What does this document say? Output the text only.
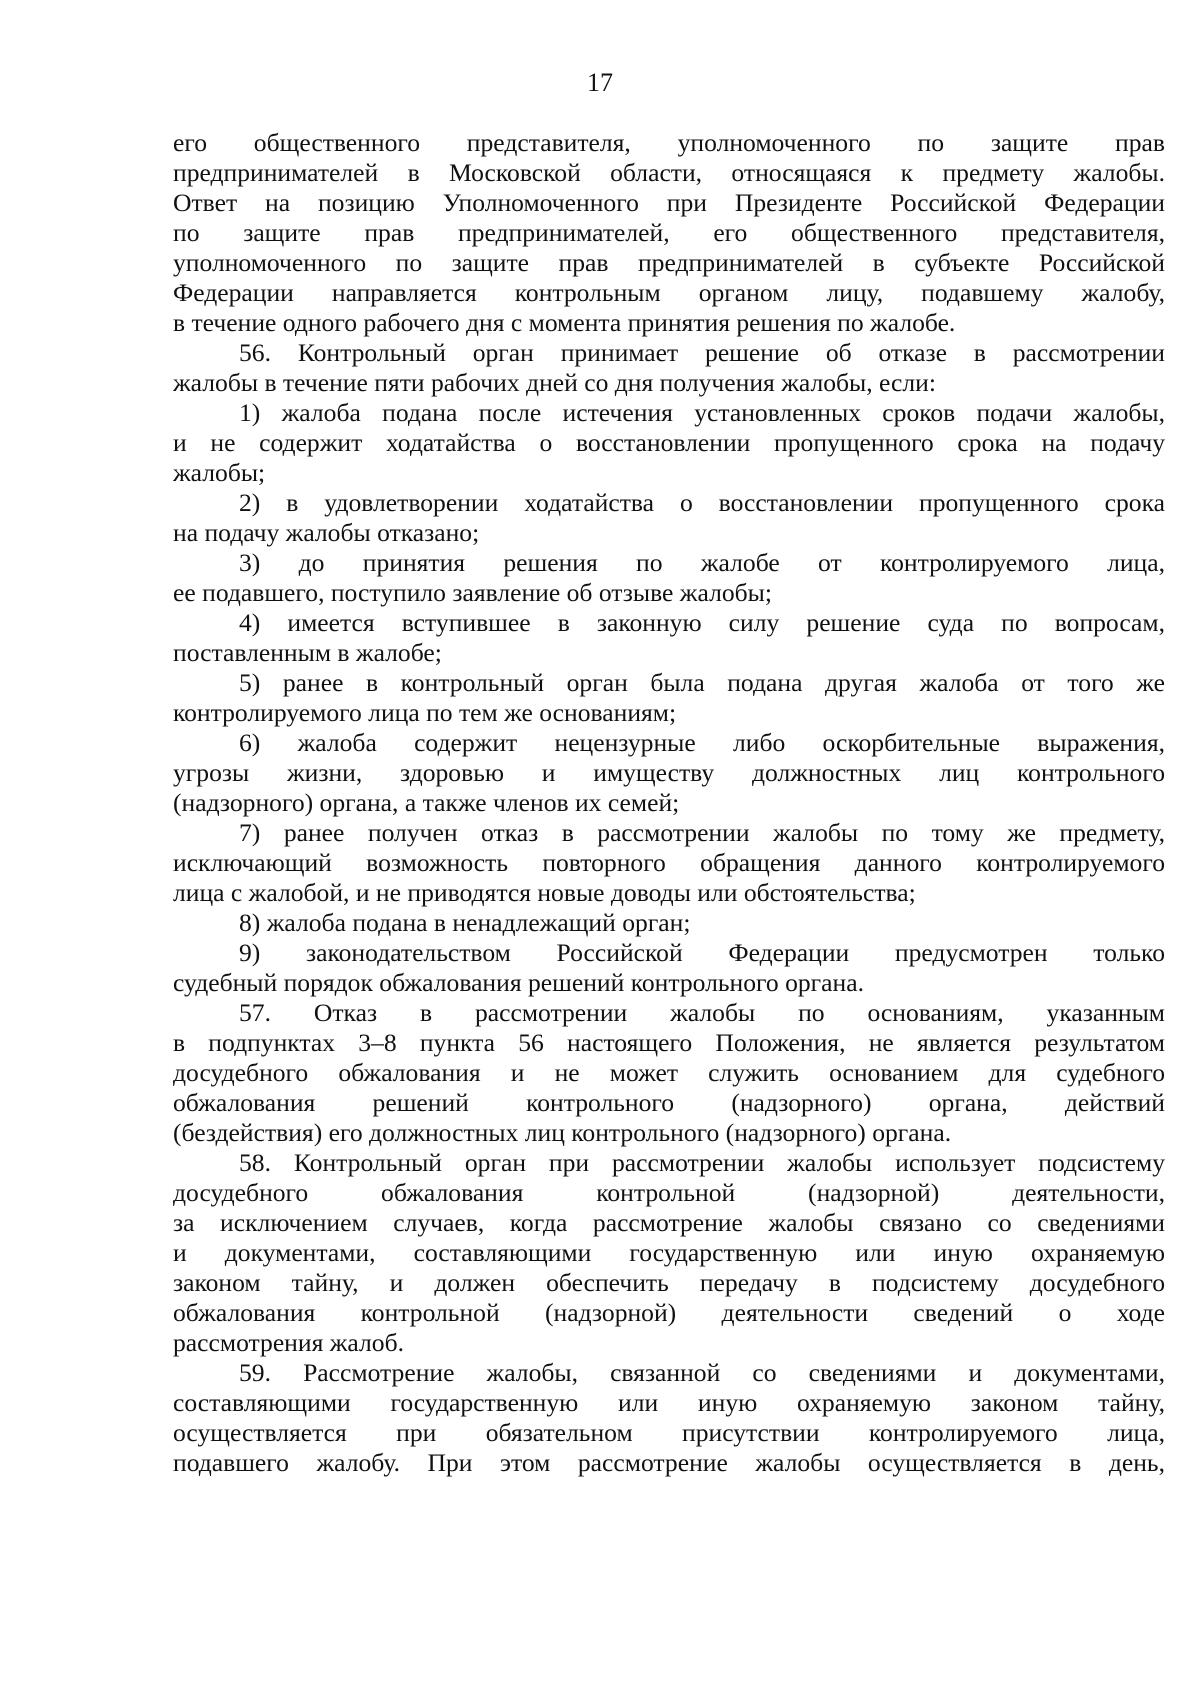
17
его общественного представителя, уполномоченного по защите прав
предпринимателей в Московской области, относящаяся к предмету жалобы.
Ответ на позицию Уполномоченного при Президенте Российской Федерации
по защите прав предпринимателей, его общественного представителя,
уполномоченного по защите прав предпринимателей в субъекте Российской
Федерации направляется контрольным органом лицу, подавшему жалобу,
в течение одного рабочего дня с момента принятия решения по жалобе.
56. Контрольный орган принимает решение об отказе в рассмотрении
жалобы в течение пяти рабочих дней со дня получения жалобы, если:
1) жалоба подана после истечения установленных сроков подачи жалобы,
и не содержит ходатайства о восстановлении пропущенного срока на подачу
жалобы;
2) в удовлетворении ходатайства о восстановлении пропущенного срока
на подачу жалобы отказано;
3) до принятия решения по жалобе от контролируемого лица,
ее подавшего, поступило заявление об отзыве жалобы;
4) имеется вступившее в законную силу решение суда по вопросам,
поставленным в жалобе;
5) ранее в контрольный орган была подана другая жалоба от того же
контролируемого лица по тем же основаниям;
6) жалоба содержит нецензурные либо оскорбительные выражения,
угрозы жизни, здоровью и имуществу должностных лиц контрольного
(надзорного) органа, а также членов их семей;
7) ранее получен отказ в рассмотрении жалобы по тому же предмету,
исключающий возможность повторного обращения данного контролируемого
лица с жалобой, и не приводятся новые доводы или обстоятельства;
8) жалоба подана в ненадлежащий орган;
9) законодательством Российской Федерации предусмотрен только
судебный порядок обжалования решений контрольного органа.
57. Отказ в рассмотрении жалобы по основаниям, указанным
в подпунктах 3–8 пункта 56 настоящего Положения, не является результатом
досудебного обжалования и не может служить основанием для судебного
обжалования решений контрольного (надзорного) органа, действий
(бездействия) его должностных лиц контрольного (надзорного) органа.
58. Контрольный орган при рассмотрении жалобы использует подсистему
досудебного обжалования контрольной (надзорной) деятельности,
за исключением случаев, когда рассмотрение жалобы связано со сведениями
и документами, составляющими государственную или иную охраняемую
законом тайну, и должен обеспечить передачу в подсистему досудебного
обжалования контрольной (надзорной) деятельности сведений о ходе
рассмотрения жалоб.
59. Рассмотрение жалобы, связанной со сведениями и документами,
составляющими государственную или иную охраняемую законом тайну,
осуществляется при обязательном присутствии контролируемого лица,
подавшего жалобу. При этом рассмотрение жалобы осуществляется в день,
